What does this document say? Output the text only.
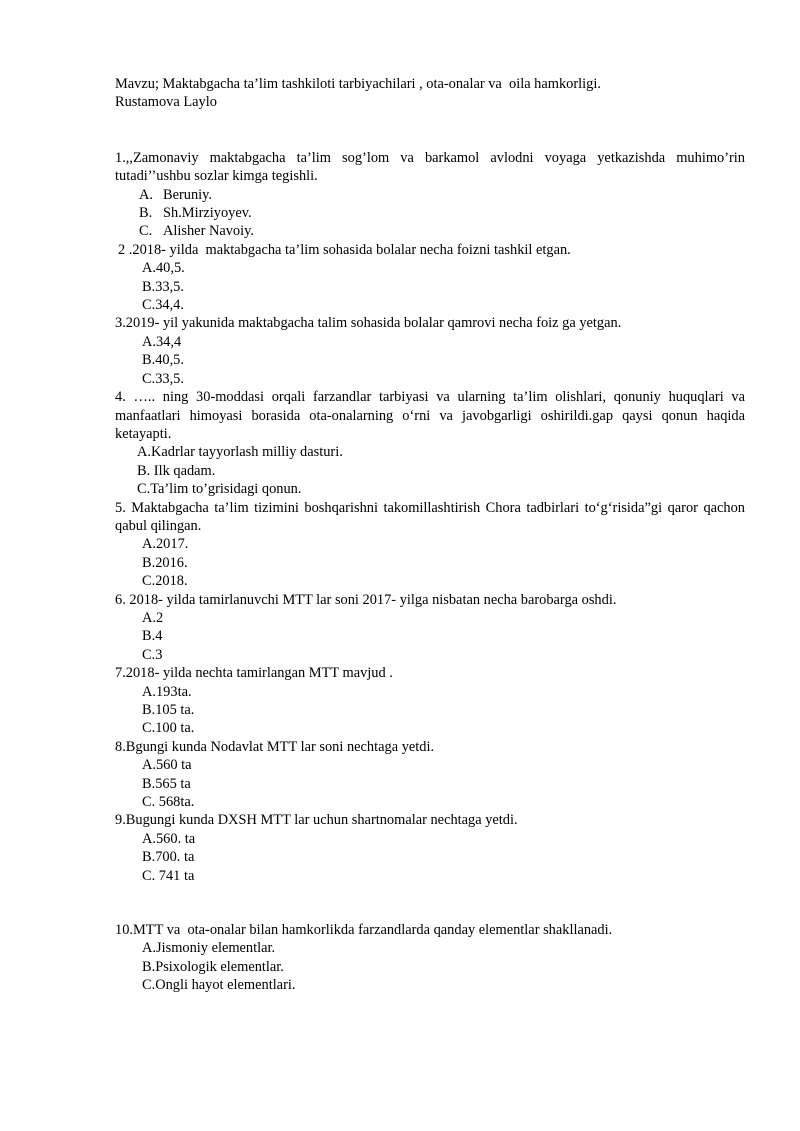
Mavzu; Maktabgacha ta’lim tashkiloti tarbiyachilari , ota-onalar va  oila hamkorligi.
Rustamova Laylo
1.,,Zamonaviy maktabgacha ta’lim sog’lom va barkamol avlodni voyaga yetkazishda muhimo’rin tutadi’’ushbu sozlar kimga tegishli.
A. Beruniy.
B. Sh.Mirziyoyev.
C. Alisher Navoiy.
2 .2018- yilda  maktabgacha ta’lim sohasida bolalar necha foizni tashkil etgan.
A.40,5.
B.33,5.
C.34,4.
3.2019- yil yakunida maktabgacha talim sohasida bolalar qamrovi necha foiz ga yetgan.
A.34,4
B.40,5.
C.33,5.
4. ….. ning 30-moddasi orqali farzandlar tarbiyasi va ularning ta’lim olishlari, qonuniy huquqlari va manfaatlari himoyasi borasida ota-onalarning o‘rni va javobgarligi oshirildi.gap qaysi qonun haqida ketayapti.
A.Kadrlar tayyorlash milliy dasturi.
B. Ilk qadam.
C.Ta’lim to’grisidagi qonun.
5. Maktabgacha ta’lim tizimini boshqarishni takomillashtirish Chora tadbirlari to‘g‘risida”gi qaror qachon qabul qilingan.
A.2017.
B.2016.
C.2018.
6. 2018- yilda tamirlanuvchi MTT lar soni 2017- yilga nisbatan necha barobarga oshdi.
A.2
B.4
C.3
7.2018- yilda nechta tamirlangan MTT mavjud .
A.193ta.
B.105 ta.
C.100 ta.
8.Bgungi kunda Nodavlat MTT lar soni nechtaga yetdi.
A.560 ta
B.565 ta
C. 568ta.
9.Bugungi kunda DXSH MTT lar uchun shartnomalar nechtaga yetdi.
A.560. ta
B.700. ta
C. 741 ta
10.MTT va  ota-onalar bilan hamkorlikda farzandlarda qanday elementlar shakllanadi.
A.Jismoniy elementlar.
B.Psixologik elementlar.
C.Ongli hayot elementlari.
